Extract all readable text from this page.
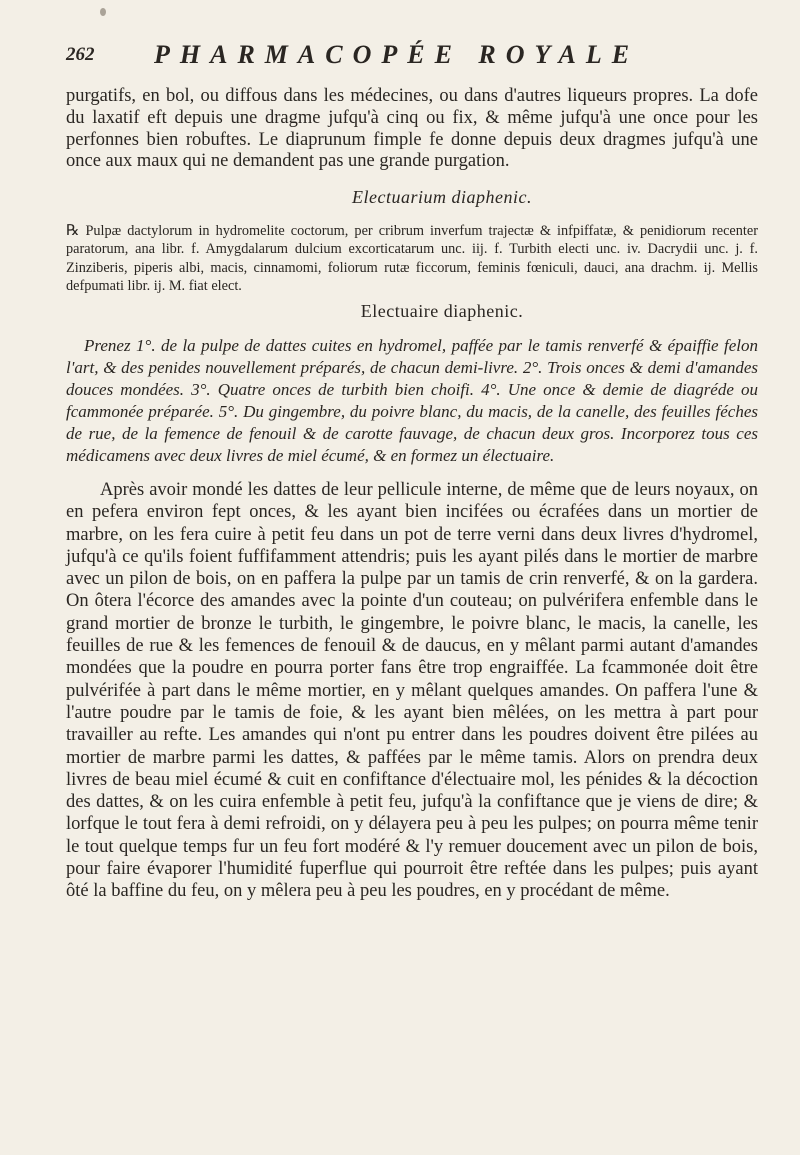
262 PHARMACOPÉE ROYALE

purgatifs, en bol, ou diffous dans les médecines, ou dans d'autres liqueurs propres. La dofe du laxatif eft depuis une dragme jufqu'à cinq ou fix, & même jufqu'à une once pour les perfonnes bien robuftes. Le diaprunum fimple fe donne depuis deux dragmes jufqu'à une once aux maux qui ne demandent pas une grande purgation.

Electuarium diaphenic.

℞ Pulpæ dactylorum in hydromelite coctorum, per cribrum inverfum trajectæ & infpiffatæ, & penidiorum recenter paratorum, ana libr. f. Amygdalarum dulcium excorticatarum unc. iij. f. Turbith electi unc. iv. Dacrydii unc. j. f. Zinziberis, piperis albi, macis, cinnamomi, foliorum rutæ ficcorum, feminis fœniculi, dauci, ana drachm. ij. Mellis defpumati libr. ij. M. fiat elect.

Electuaire diaphenic.

Prenez 1°. de la pulpe de dattes cuites en hydromel, paffée par le tamis renverfé & épaiffie felon l'art, & des penides nouvellement préparés, de chacun demi-livre. 2°. Trois onces & demi d'amandes douces mondées. 3°. Quatre onces de turbith bien choifi. 4°. Une once & demie de diagréde ou fcammonée préparée. 5°. Du gingembre, du poivre blanc, du macis, de la canelle, des feuilles féches de rue, de la femence de fenouil & de carotte fauvage, de chacun deux gros. Incorporez tous ces médicamens avec deux livres de miel écumé, & en formez un électuaire.

Après avoir mondé les dattes de leur pellicule interne, de même que de leurs noyaux, on en pefera environ fept onces, & les ayant bien incifées ou écrafées dans un mortier de marbre, on les fera cuire à petit feu dans un pot de terre verni dans deux livres d'hydromel, jufqu'à ce qu'ils foient fuffifamment attendris; puis les ayant pilés dans le mortier de marbre avec un pilon de bois, on en paffera la pulpe par un tamis de crin renverfé, & on la gardera. On ôtera l'écorce des amandes avec la pointe d'un couteau; on pulvérifera enfemble dans le grand mortier de bronze le turbith, le gingembre, le poivre blanc, le macis, la canelle, les feuilles de rue & les femences de fenouil & de daucus, en y mêlant parmi autant d'amandes mondées que la poudre en pourra porter fans être trop engraiffée. La fcammonée doit être pulvérifée à part dans le même mortier, en y mêlant quelques amandes. On paffera l'une & l'autre poudre par le tamis de foie, & les ayant bien mêlées, on les mettra à part pour travailler au refte. Les amandes qui n'ont pu entrer dans les poudres doivent être pilées au mortier de marbre parmi les dattes, & paffées par le même tamis. Alors on prendra deux livres de beau miel écumé & cuit en confiftance d'électuaire mol, les pénides & la décoction des dattes, & on les cuira enfemble à petit feu, jufqu'à la confiftance que je viens de dire; & lorfque le tout fera à demi refroidi, on y délayera peu à peu les pulpes; on pourra même tenir le tout quelque temps fur un feu fort modéré & l'y remuer doucement avec un pilon de bois, pour faire évaporer l'humidité fuperflue qui pourroit être reftée dans les pulpes; puis ayant ôté la baffine du feu, on y mêlera peu à peu les poudres, en y procédant de même.
